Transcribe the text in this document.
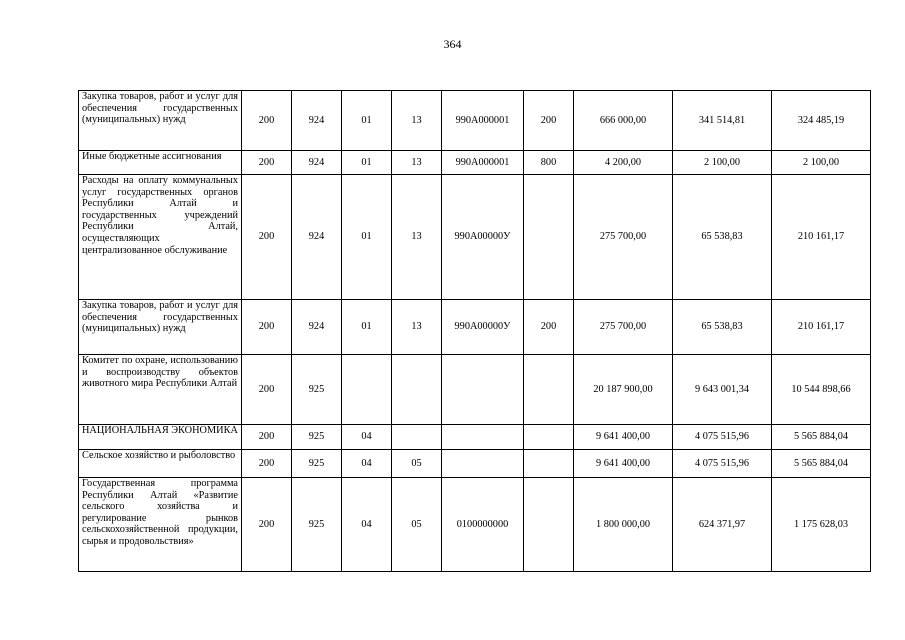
364
Закупка товаров, работ и услуг для обеспечения государственных (муниципальных) нужд	200	924	01	13	990А000001	200	666 000,00	341 514,81	324 485,19
Иные бюджетные ассигнования	200	924	01	13	990А000001	800	4 200,00	2 100,00	2 100,00
Расходы на оплату коммунальных услуг государственных органов Республики Алтай и государственных учреждений Республики Алтай, осуществляющих централизованное обслуживание	200	924	01	13	990А00000У		275 700,00	65 538,83	210 161,17
Закупка товаров, работ и услуг для обеспечения государственных (муниципальных) нужд	200	924	01	13	990А00000У	200	275 700,00	65 538,83	210 161,17
Комитет по охране, использованию и воспроизводству объектов животного мира Республики Алтай	200	925					20 187 900,00	9 643 001,34	10 544 898,66
НАЦИОНАЛЬНАЯ ЭКОНОМИКА	200	925	04				9 641 400,00	4 075 515,96	5 565 884,04
Сельское хозяйство и рыболовство	200	925	04	05			9 641 400,00	4 075 515,96	5 565 884,04
Государственная программа Республики Алтай «Развитие сельского хозяйства и регулирование рынков сельскохозяйственной продукции, сырья и продовольствия»	200	925	04	05	0100000000		1 800 000,00	624 371,97	1 175 628,03
